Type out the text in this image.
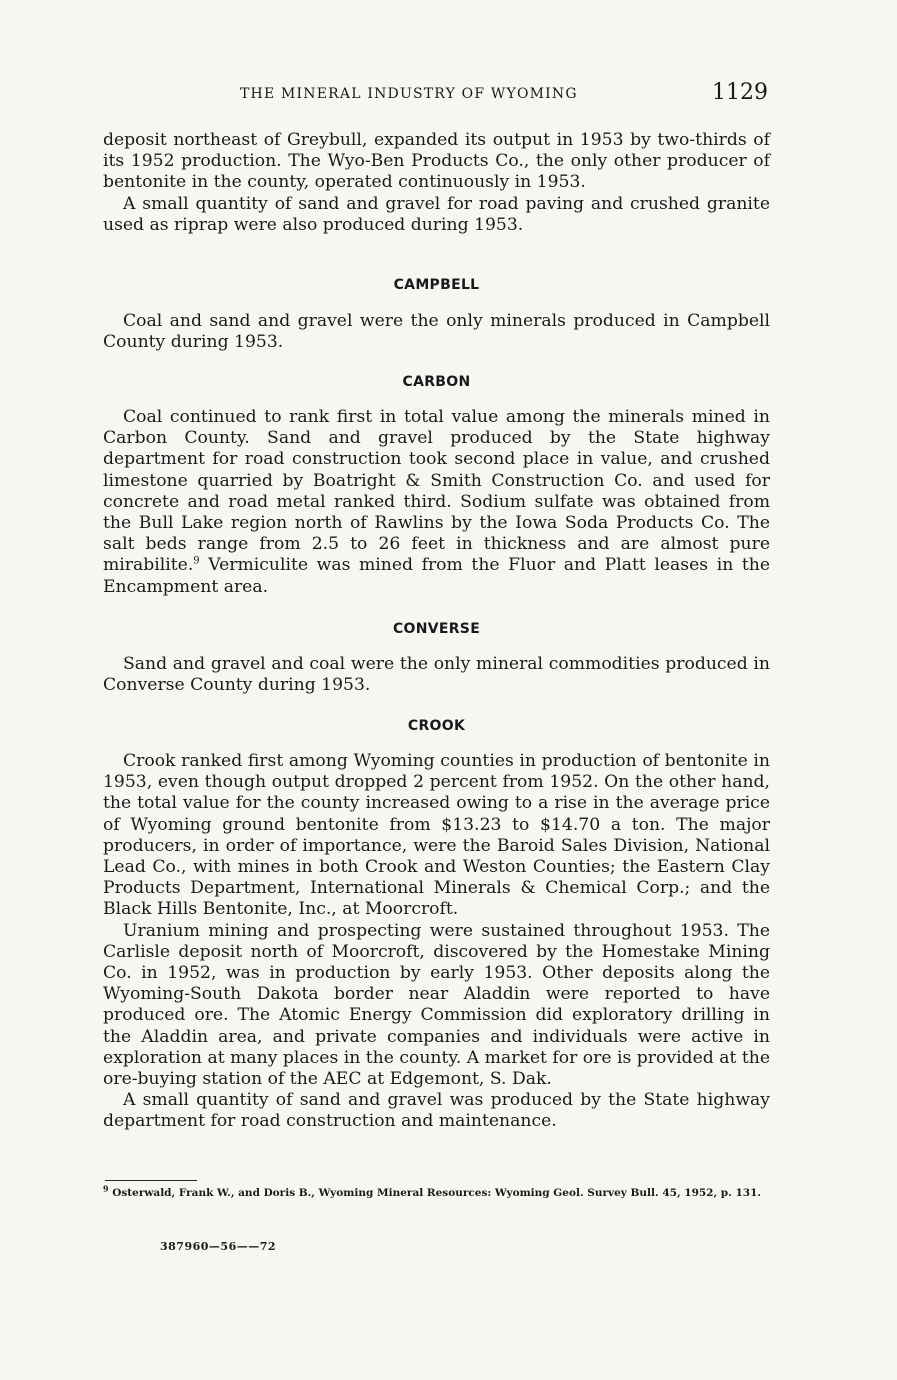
THE MINERAL INDUSTRY OF WYOMING	1129

deposit northeast of Greybull, expanded its output in 1953 by two-thirds of its 1952 production. The Wyo-Ben Products Co., the only other producer of bentonite in the county, operated continuously in 1953.

A small quantity of sand and gravel for road paving and crushed granite used as riprap were also produced during 1953.

CAMPBELL

Coal and sand and gravel were the only minerals produced in Campbell County during 1953.

CARBON

Coal continued to rank first in total value among the minerals mined in Carbon County. Sand and gravel produced by the State highway department for road construction took second place in value, and crushed limestone quarried by Boatright & Smith Construction Co. and used for concrete and road metal ranked third. Sodium sulfate was obtained from the Bull Lake region north of Rawlins by the Iowa Soda Products Co. The salt beds range from 2.5 to 26 feet in thickness and are almost pure mirabilite.$^9$ Vermiculite was mined from the Fluor and Platt leases in the Encampment area.

CONVERSE

Sand and gravel and coal were the only mineral commodities produced in Converse County during 1953.

CROOK

Crook ranked first among Wyoming counties in production of bentonite in 1953, even though output dropped 2 percent from 1952. On the other hand, the total value for the county increased owing to a rise in the average price of Wyoming ground bentonite from $13.23 to $14.70 a ton. The major producers, in order of importance, were the Baroid Sales Division, National Lead Co., with mines in both Crook and Weston Counties; the Eastern Clay Products Department, International Minerals & Chemical Corp.; and the Black Hills Bentonite, Inc., at Moorcroft.

Uranium mining and prospecting were sustained throughout 1953. The Carlisle deposit north of Moorcroft, discovered by the Homestake Mining Co. in 1952, was in production by early 1953. Other deposits along the Wyoming-South Dakota border near Aladdin were reported to have produced ore. The Atomic Energy Commission did exploratory drilling in the Aladdin area, and private companies and individuals were active in exploration at many places in the county. A market for ore is provided at the ore-buying station of the AEC at Edgemont, S. Dak.

A small quantity of sand and gravel was produced by the State highway department for road construction and maintenance.

$^9$ Osterwald, Frank W., and Doris B., Wyoming Mineral Resources: Wyoming Geol. Survey Bull. 45, 1952, p. 131.
387960—56——72
